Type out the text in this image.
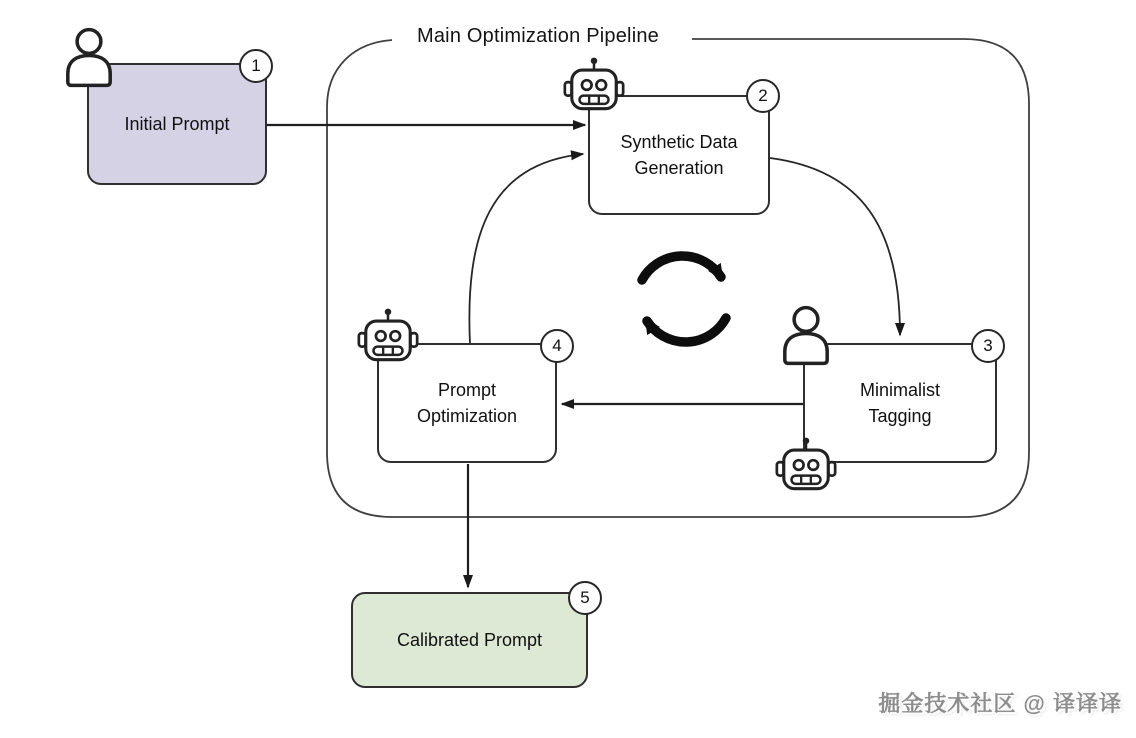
Main Optimization Pipeline
Initial Prompt
Synthetic Data Generation
Minimalist Tagging
Prompt Optimization
Calibrated Prompt
1
2
3
4
5
掘金技术社区 @ 译译译
